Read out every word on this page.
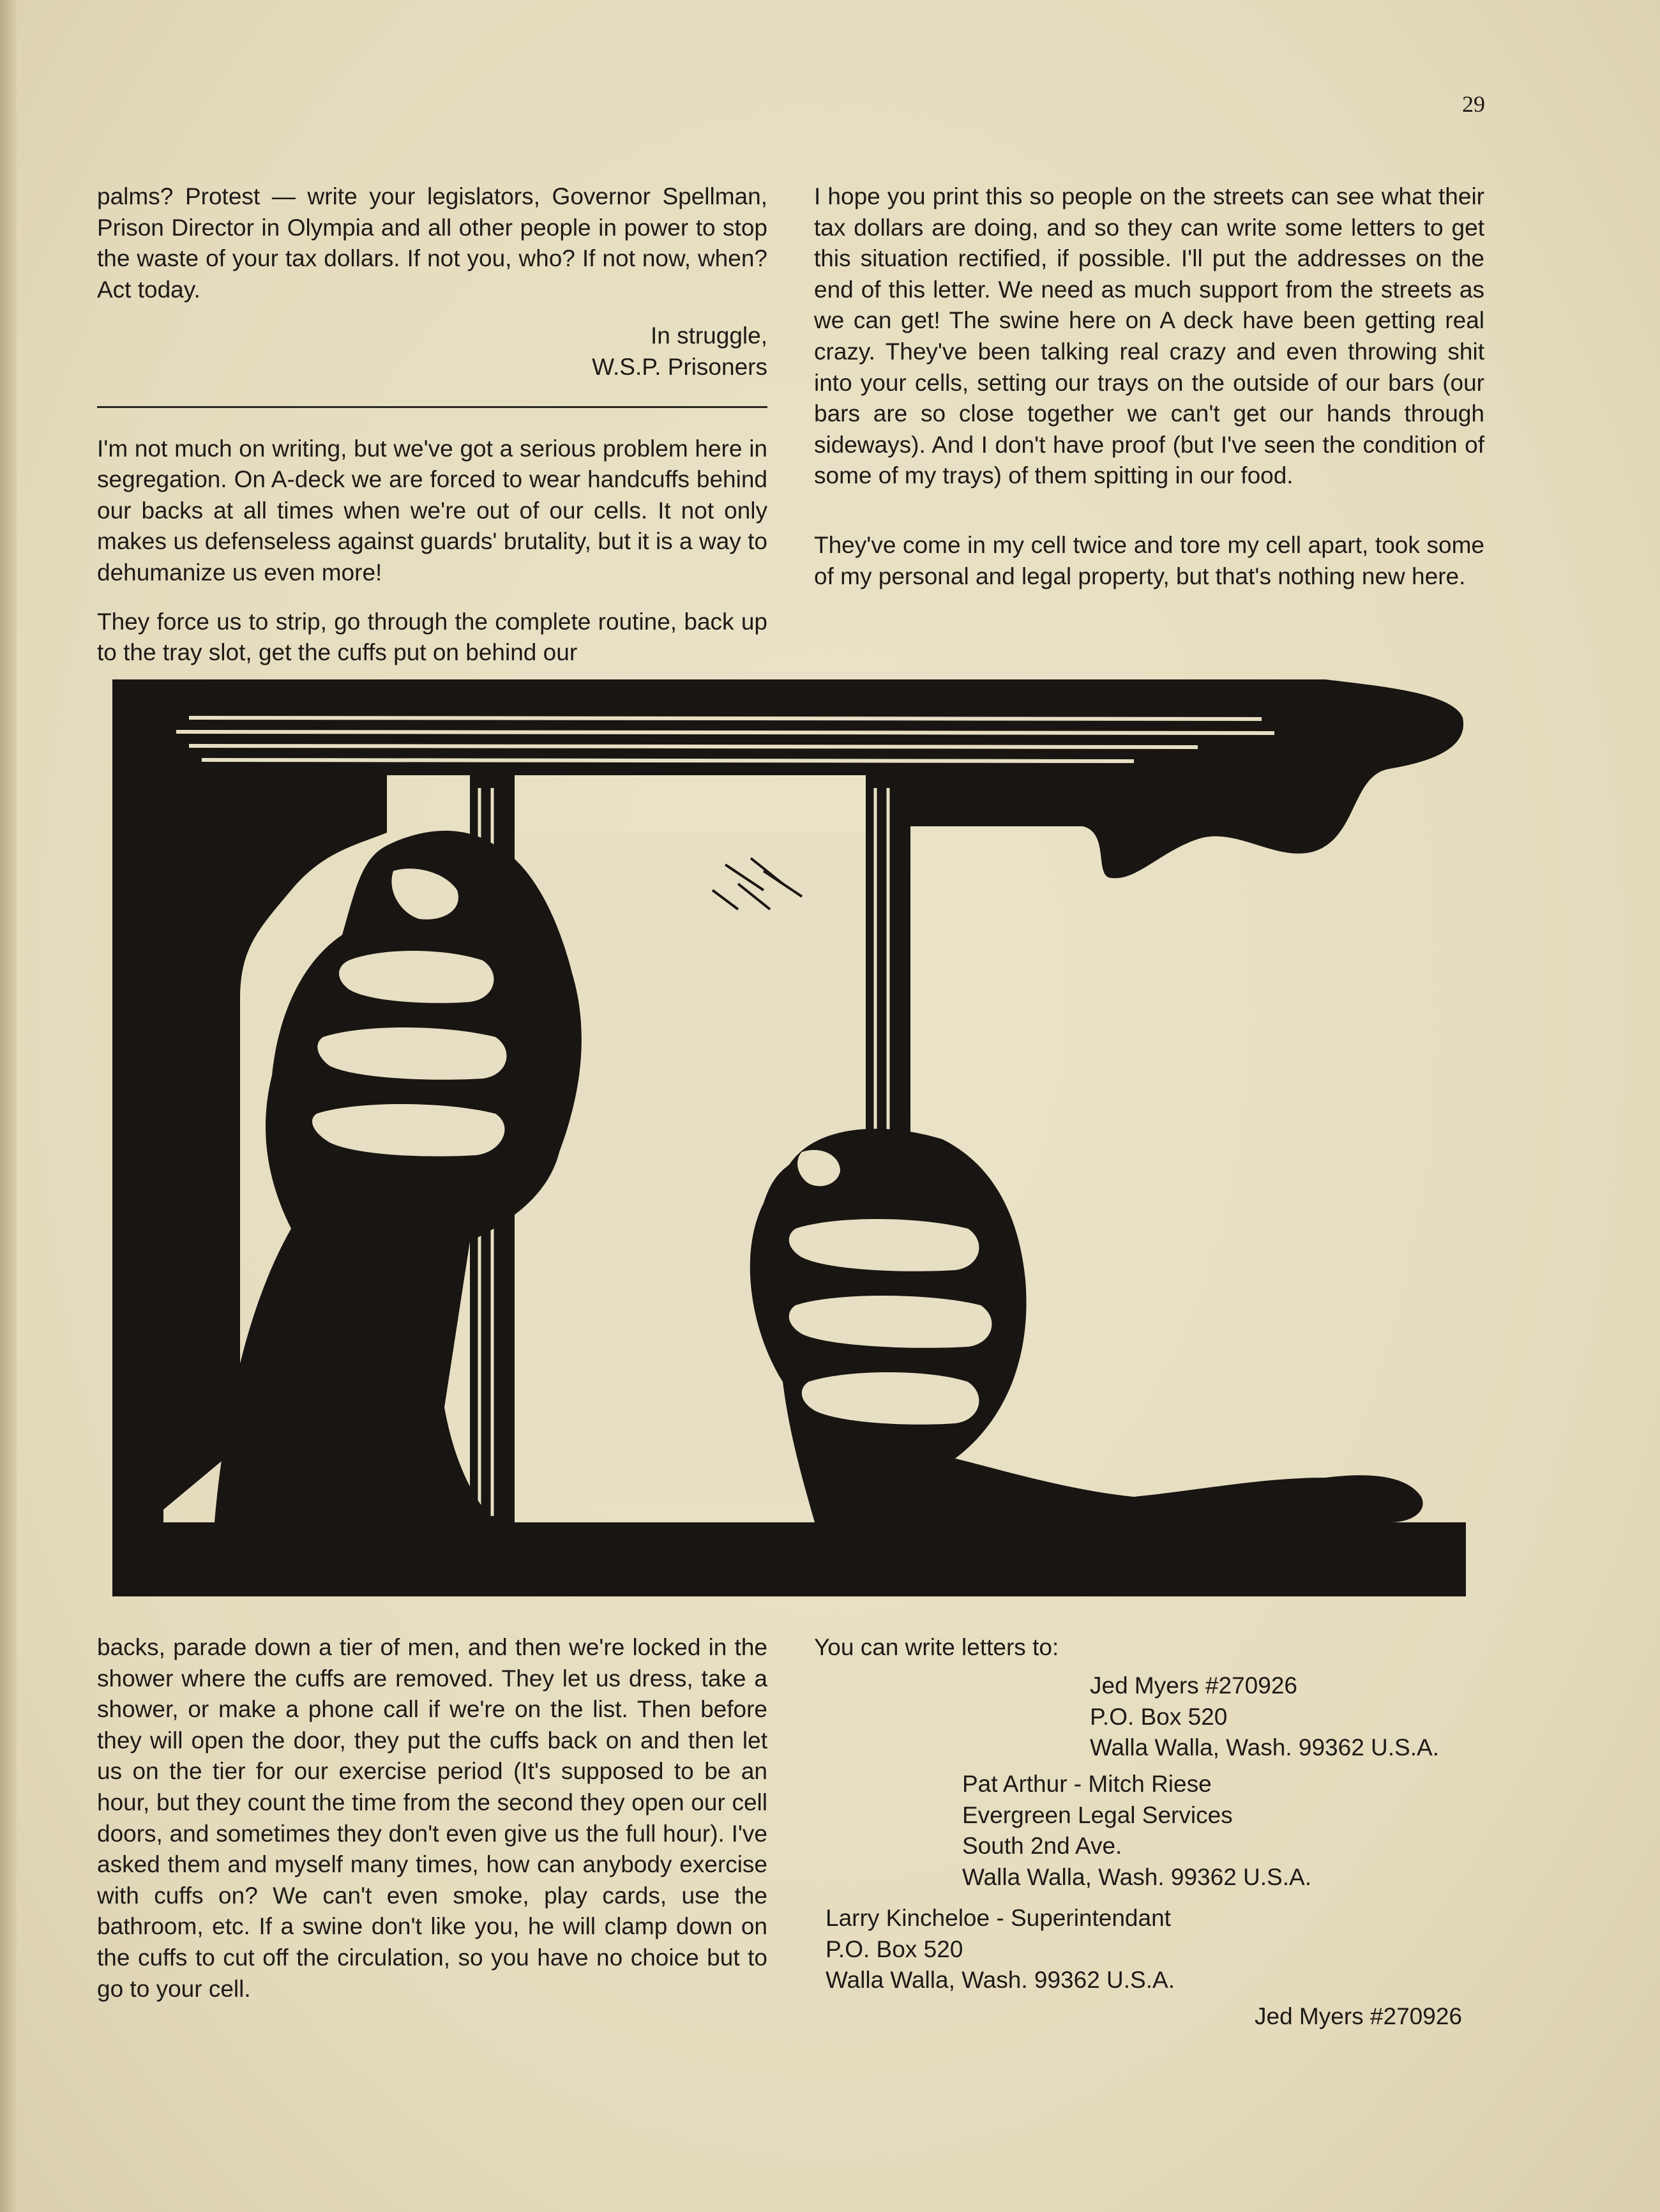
29

palms? Protest — write your legislators, Governor Spellman, Prison Director in Olympia and all other people in power to stop the waste of your tax dollars. If not you, who? If not now, when? Act today.

In struggle,
W.S.P. Prisoners

I'm not much on writing, but we've got a serious problem here in segregation. On A-deck we are forced to wear handcuffs behind our backs at all times when we're out of our cells. It not only makes us defenseless against guards' brutality, but it is a way to dehumanize us even more!

They force us to strip, go through the complete routine, back up to the tray slot, get the cuffs put on behind our

I hope you print this so people on the streets can see what their tax dollars are doing, and so they can write some letters to get this situation rectified, if possible. I'll put the addresses on the end of this letter. We need as much support from the streets as we can get! The swine here on A deck have been getting real crazy. They've been talking real crazy and even throwing shit into your cells, setting our trays on the outside of our bars (our bars are so close together we can't get our hands through sideways). And I don't have proof (but I've seen the condition of some of my trays) of them spitting in our food.

They've come in my cell twice and tore my cell apart, took some of my personal and legal property, but that's nothing new here.

backs, parade down a tier of men, and then we're locked in the shower where the cuffs are removed. They let us dress, take a shower, or make a phone call if we're on the list. Then before they will open the door, they put the cuffs back on and then let us on the tier for our exercise period (It's supposed to be an hour, but they count the time from the second they open our cell doors, and sometimes they don't even give us the full hour). I've asked them and myself many times, how can anybody exercise with cuffs on? We can't even smoke, play cards, use the bathroom, etc. If a swine don't like you, he will clamp down on the cuffs to cut off the circulation, so you have no choice but to go to your cell.

You can write letters to:
Jed Myers #270926
P.O. Box 520
Walla Walla, Wash. 99362 U.S.A.
Pat Arthur - Mitch Riese
Evergreen Legal Services
South 2nd Ave.
Walla Walla, Wash. 99362 U.S.A.
Larry Kincheloe - Superintendant
P.O. Box 520
Walla Walla, Wash. 99362 U.S.A.
Jed Myers #270926
